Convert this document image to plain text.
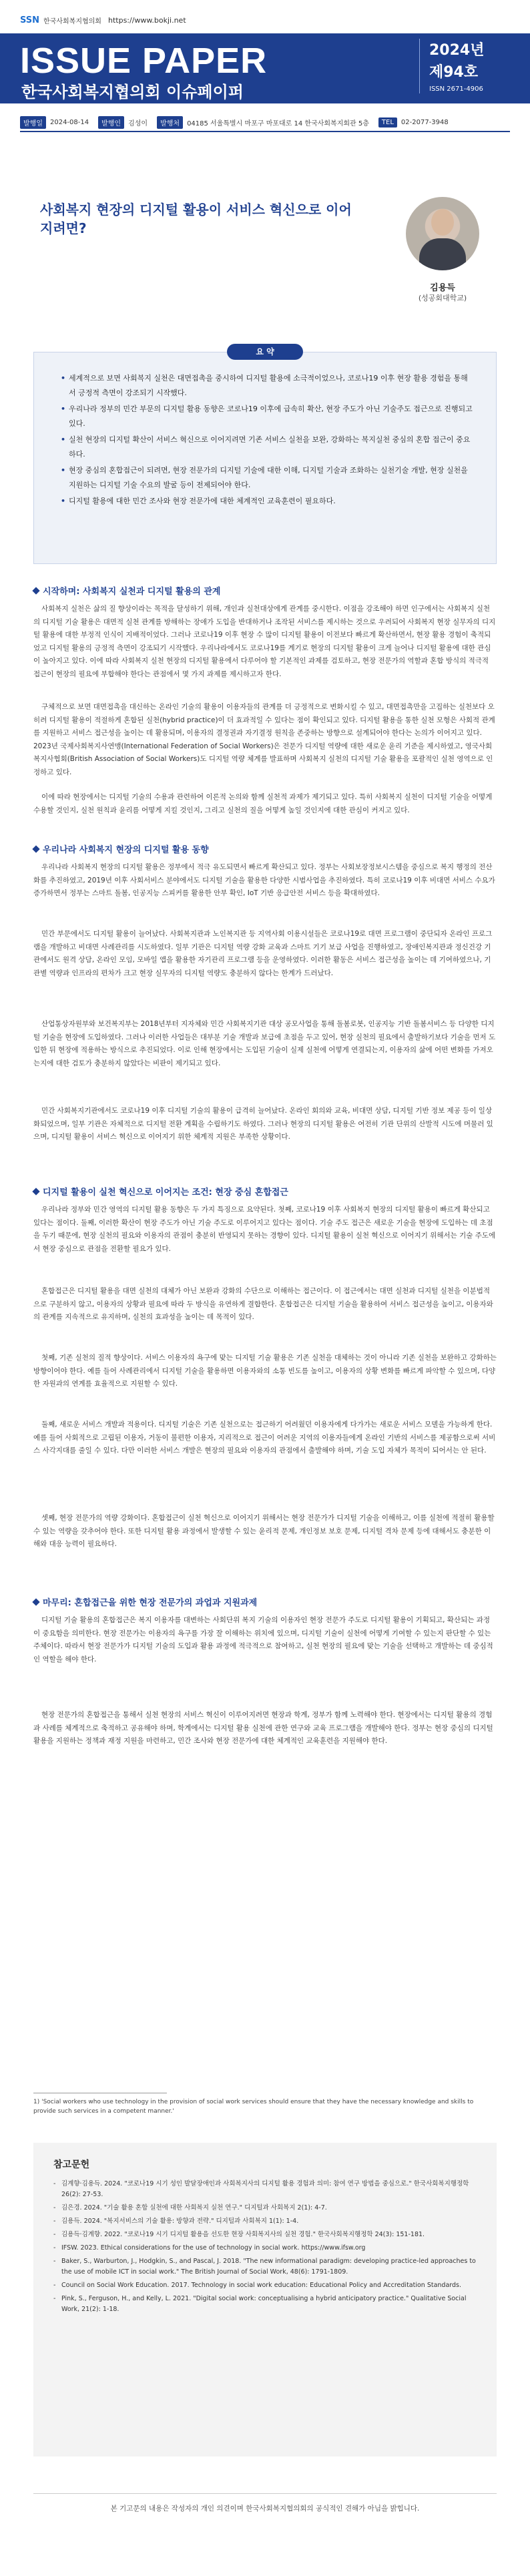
SSN 한국사회복지협의회 https://www.bokji.net
ISSUE PAPER
한국사회복지협의회 이슈페이퍼
2024년
제94호
ISSN 2671-4906
발행일	2024-08-14	발행인	김성이	발행처	04185 서울특별시 마포구 마포대로 14 한국사회복지회관 5층	TEL	02-2077-3948
사회복지 현장의 디지털 활용이 서비스 혁신으로 이어지려면?
김용득
(성공회대학교)
• 세계적으로 보면 사회복지 실천은 대면접촉을 중시하여 디지털 활용에 소극적이었으나, 코로나19 이후 현장 활용 경험을 통해서 긍정적 측면이 강조되기 시작했다.
• 우리나라 정부의 민간 부문의 디지털 활용 동향은 코로나19 이후에 급속히 확산, 현장 주도가 아닌 기술주도 접근으로 진행되고 있다.
• 실천 현장의 디지털 확산이 서비스 혁신으로 이어지려면 기존 서비스 실천을 보완, 강화하는 복지실천 중심의 혼합 접근이 중요하다.
• 현장 중심의 혼합접근이 되려면, 현장 전문가의 디지털 기술에 대한 이해, 디지털 기술과 조화하는 실천기술 개발, 현장 실천을 지원하는 디지털 기술 수요의 발굴 등이 전제되어야 한다.
• 디지털 활용에 대한 민간 조사와 현장 전문가에 대한 체계적인 교육훈련이 필요하다.
요 약
시작하며: 사회복지 실천과 디지털 활용의 관계
사회복지 실천은 삶의 질 향상이라는 목적을 달성하기 위해, 개인과 실천대상에게 관계를 중시한다. 이점을 강조해야 하면 인구에서는 사회복지 실천의 디지털 기술 활용은 대면적 실천 관계를 방해하는 장애가 도입을 반대하거나 조작된 서비스를 제시하는 것으로 우려되어 사회복지 현장 실무자의 디지털 활용에 대한 부정적 인식이 지배적이었다. 그러나 코로나19 이후 현장 수 많이 디지털 활용이 이전보다 빠르게 확산하면서, 현장 활용 경험이 축적되었고 디지털 활용의 긍정적 측면이 강조되기 시작했다. 우리나라에서도 코로나19를 계기로 현장의 디지털 활용이 크게 늘어나 디지털 활용에 대한 관심이 높아지고 있다. 이에 따라 사회복지 실천 현장의 디지털 활용에서 다루어야 할 기본적인 과제를 검토하고, 현장 전문가의 역할과 혼합 방식의 적극적 접근이 현장의 필요에 부합해야 한다는 관점에서 몇 가지 과제를 제시하고자 한다.
구체적으로 보면 대면접촉을 대신하는 온라인 기술의 활용이 이용자들의 관계를 더 긍정적으로 변화시킬 수 있고, 대면접촉만을 고집하는 실천보다 오히려 디지털 활용이 적절하게 혼합된 실천(hybrid practice)이 더 효과적일 수 있다는 점이 확인되고 있다. 디지털 활용을 통한 실천 모형은 사회적 관계를 지원하고 서비스 접근성을 높이는 데 활용되며, 이용자의 결정권과 자기결정 원칙을 존중하는 방향으로 설계되어야 한다는 논의가 이어지고 있다. 2023년 국제사회복지사연맹(International Federation of Social Workers)은 전문가 디지털 역량에 대한 새로운 윤리 기준을 제시하였고, 영국사회복지사협회(British Association of Social Workers)도 디지털 역량 체계를 발표하며 사회복지 실천의 디지털 기술 활용을 포괄적인 실천 영역으로 인정하고 있다.
이에 따라 현장에서는 디지털 기술의 수용과 관련하여 이론적 논의와 함께 실천적 과제가 제기되고 있다. 특히 사회복지 실천이 디지털 기술을 어떻게 수용할 것인지, 실천 원칙과 윤리를 어떻게 지킬 것인지, 그리고 실천의 질을 어떻게 높일 것인지에 대한 관심이 커지고 있다.
우리나라 사회복지 현장의 디지털 활용 동향
우리나라 사회복지 현장의 디지털 활용은 정부에서 적극 유도되면서 빠르게 확산되고 있다. 정부는 사회보장정보시스템을 중심으로 복지 행정의 전산화를 추진하였고, 2019년 이후 사회서비스 분야에서도 디지털 기술을 활용한 다양한 시범사업을 추진하였다. 특히 코로나19 이후 비대면 서비스 수요가 증가하면서 정부는 스마트 돌봄, 인공지능 스피커를 활용한 안부 확인, IoT 기반 응급안전 서비스 등을 확대하였다.
민간 부문에서도 디지털 활용이 늘어났다. 사회복지관과 노인복지관 등 지역사회 이용시설들은 코로나19로 대면 프로그램이 중단되자 온라인 프로그램을 개발하고 비대면 사례관리를 시도하였다. 일부 기관은 디지털 역량 강화 교육과 스마트 기기 보급 사업을 진행하였고, 장애인복지관과 정신건강 기관에서도 원격 상담, 온라인 모임, 모바일 앱을 활용한 자기관리 프로그램 등을 운영하였다. 이러한 활동은 서비스 접근성을 높이는 데 기여하였으나, 기관별 역량과 인프라의 편차가 크고 현장 실무자의 디지털 역량도 충분하지 않다는 한계가 드러났다.
산업통상자원부와 보건복지부는 2018년부터 지자체와 민간 사회복지기관 대상 공모사업을 통해 돌봄로봇, 인공지능 기반 돌봄서비스 등 다양한 디지털 기술을 현장에 도입하였다. 그러나 이러한 사업들은 대부분 기술 개발과 보급에 초점을 두고 있어, 현장 실천의 필요에서 출발하기보다 기술을 먼저 도입한 뒤 현장에 적용하는 방식으로 추진되었다. 이로 인해 현장에서는 도입된 기술이 실제 실천에 어떻게 연결되는지, 이용자의 삶에 어떤 변화를 가져오는지에 대한 검토가 충분하지 않았다는 비판이 제기되고 있다.
민간 사회복지기관에서도 코로나19 이후 디지털 기술의 활용이 급격히 늘어났다. 온라인 회의와 교육, 비대면 상담, 디지털 기반 정보 제공 등이 일상화되었으며, 일부 기관은 자체적으로 디지털 전환 계획을 수립하기도 하였다. 그러나 현장의 디지털 활용은 여전히 기관 단위의 산발적 시도에 머물러 있으며, 디지털 활용이 서비스 혁신으로 이어지기 위한 체계적 지원은 부족한 상황이다.
디지털 활용이 실천 혁신으로 이어지는 조건: 현장 중심 혼합접근
우리나라 정부와 민간 영역의 디지털 활용 동향은 두 가지 특징으로 요약된다. 첫째, 코로나19 이후 사회복지 현장의 디지털 활용이 빠르게 확산되고 있다는 점이다. 둘째, 이러한 확산이 현장 주도가 아닌 기술 주도로 이루어지고 있다는 점이다. 기술 주도 접근은 새로운 기술을 현장에 도입하는 데 초점을 두기 때문에, 현장 실천의 필요와 이용자의 관점이 충분히 반영되지 못하는 경향이 있다. 디지털 활용이 실천 혁신으로 이어지기 위해서는 기술 주도에서 현장 중심으로 관점을 전환할 필요가 있다.
혼합접근은 디지털 활용을 대면 실천의 대체가 아닌 보완과 강화의 수단으로 이해하는 접근이다. 이 접근에서는 대면 실천과 디지털 실천을 이분법적으로 구분하지 않고, 이용자의 상황과 필요에 따라 두 방식을 유연하게 결합한다. 혼합접근은 디지털 기술을 활용하여 서비스 접근성을 높이고, 이용자와의 관계를 지속적으로 유지하며, 실천의 효과성을 높이는 데 목적이 있다.
첫째, 기존 실천의 질적 향상이다. 서비스 이용자의 욕구에 맞는 디지털 기술 활용은 기존 실천을 대체하는 것이 아니라 기존 실천을 보완하고 강화하는 방향이어야 한다. 예를 들어 사례관리에서 디지털 기술을 활용하면 이용자와의 소통 빈도를 높이고, 이용자의 상황 변화를 빠르게 파악할 수 있으며, 다양한 자원과의 연계를 효율적으로 지원할 수 있다.
둘째, 새로운 서비스 개발과 적용이다. 디지털 기술은 기존 실천으로는 접근하기 어려웠던 이용자에게 다가가는 새로운 서비스 모델을 가능하게 한다. 예를 들어 사회적으로 고립된 이용자, 거동이 불편한 이용자, 지리적으로 접근이 어려운 지역의 이용자들에게 온라인 기반의 서비스를 제공함으로써 서비스 사각지대를 줄일 수 있다. 다만 이러한 서비스 개발은 현장의 필요와 이용자의 관점에서 출발해야 하며, 기술 도입 자체가 목적이 되어서는 안 된다.
셋째, 현장 전문가의 역량 강화이다. 혼합접근이 실천 혁신으로 이어지기 위해서는 현장 전문가가 디지털 기술을 이해하고, 이를 실천에 적절히 활용할 수 있는 역량을 갖추어야 한다. 또한 디지털 활용 과정에서 발생할 수 있는 윤리적 문제, 개인정보 보호 문제, 디지털 격차 문제 등에 대해서도 충분한 이해와 대응 능력이 필요하다.
마무리: 혼합접근을 위한 현장 전문가의 과업과 지원과제
디지털 기술 활용의 혼합접근은 복지 이용자를 대변하는 사회단위 복지 기술의 이용자인 현장 전문가 주도로 디지털 활용이 기획되고, 확산되는 과정이 중요함을 의미한다. 현장 전문가는 이용자의 욕구를 가장 잘 이해하는 위치에 있으며, 디지털 기술이 실천에 어떻게 기여할 수 있는지 판단할 수 있는 주체이다. 따라서 현장 전문가가 디지털 기술의 도입과 활용 과정에 적극적으로 참여하고, 실천 현장의 필요에 맞는 기술을 선택하고 개발하는 데 중심적인 역할을 해야 한다.
현장 전문가의 혼합접근을 통해서 실천 현장의 서비스 혁신이 이루어지려면 현장과 학계, 정부가 함께 노력해야 한다. 현장에서는 디지털 활용의 경험과 사례를 체계적으로 축적하고 공유해야 하며, 학계에서는 디지털 활용 실천에 관한 연구와 교육 프로그램을 개발해야 한다. 정부는 현장 중심의 디지털 활용을 지원하는 정책과 재정 지원을 마련하고, 민간 조사와 현장 전문가에 대한 체계적인 교육훈련을 지원해야 한다.
1) 'Social workers who use technology in the provision of social work services should ensure that they have the necessary knowledge and skills to provide such services in a competent manner.'
참고문헌
- 김계향·김용득. 2024. "코로나19 시기 성인 발달장애인과 사회복지사의 디지털 활용 경험과 의미: 참여 연구 방법을 중심으로." 한국사회복지행정학 26(2): 27-53.
- 김은경. 2024. "기술 활용 혼합 실천에 대한 사회복지 실천 연구." 디지털과 사회복지 2(1): 4-7.
- 김용득. 2024. "복지서비스의 기술 활용: 방향과 전략." 디지털과 사회복지 1(1): 1-4.
- 김용득·김계향. 2022. "코로나19 시기 디지털 활용을 선도한 현장 사회복지사의 실천 경험." 한국사회복지행정학 24(3): 151-181.
- IFSW. 2023. Ethical considerations for the use of technology in social work. https://www.ifsw.org
- Baker, S., Warburton, J., Hodgkin, S., and Pascal, J. 2018. "The new informational paradigm: developing practice-led approaches to the use of mobile ICT in social work." The British Journal of Social Work, 48(6): 1791-1809.
- Council on Social Work Education. 2017. Technology in social work education: Educational Policy and Accreditation Standards.
- Pink, S., Ferguson, H., and Kelly, L. 2021. "Digital social work: conceptualising a hybrid anticipatory practice." Qualitative Social Work, 21(2): 1-18.
본 기고문의 내용은 작성자의 개인 의견이며 한국사회복지협의회의 공식적인 견해가 아님을 밝힙니다.
